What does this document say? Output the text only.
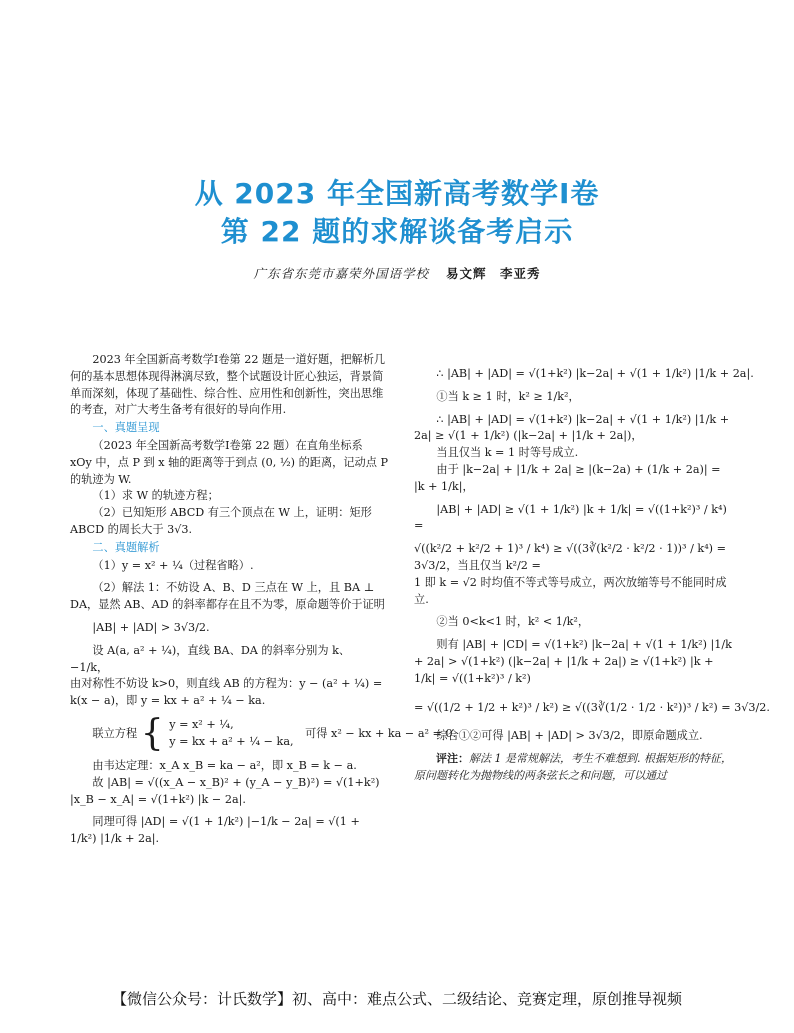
从 2023 年全国新高考数学Ⅰ卷
第 22 题的求解谈备考启示
广东省东莞市嘉荣外国语学校 易文辉　李亚秀

2023 年全国新高考数学Ⅰ卷第 22 题是一道好题，把解析几何的基本思想体现得淋漓尽致，整个试题设计匠心独运，背景简单而深刻，体现了基础性、综合性、应用性和创新性，突出思维的考查，对广大考生备考有很好的导向作用.

一、真题呈现

（2023 年全国新高考数学Ⅰ卷第 22 题）在直角坐标系 xOy 中，点 P 到 x 轴的距离等于到点 (0, ½) 的距离，记动点 P 的轨迹为 W.

（1）求 W 的轨迹方程；

（2）已知矩形 ABCD 有三个顶点在 W 上，证明：矩形 ABCD 的周长大于 3√3.

二、真题解析

（1）y = x² + ¼（过程省略）.

（2）解法 1：不妨设 A、B、D 三点在 W 上，且 BA ⊥ DA，显然 AB、AD 的斜率都存在且不为零，原命题等价于证明

|AB| + |AD| > 3√3/2.

设 A(a, a² + ¼)，直线 BA、DA 的斜率分别为 k、−1/k，

由对称性不妨设 k>0，则直线 AB 的方程为：y − (a² + ¼) = k(x − a)，即 y = kx + a² + ¼ − ka.

联立方程 { y = x² + ¼,
y = kx + a² + ¼ − ka,
可得 x² − kx + ka − a² = 0.

由韦达定理：x_A x_B = ka − a²，即 x_B = k − a.

故 |AB| = √((x_A − x_B)² + (y_A − y_B)²) = √(1+k²) |x_B − x_A| = √(1+k²) |k − 2a|.

同理可得 |AD| = √(1 + 1/k²) |−1/k − 2a| = √(1 + 1/k²) |1/k + 2a|.

∴ |AB| + |AD| = √(1+k²) |k−2a| + √(1 + 1/k²) |1/k + 2a|.

①当 k ≥ 1 时，k² ≥ 1/k²，

∴ |AB| + |AD| = √(1+k²) |k−2a| + √(1 + 1/k²) |1/k + 2a| ≥ √(1 + 1/k²) (|k−2a| + |1/k + 2a|)，

当且仅当 k = 1 时等号成立.

由于 |k−2a| + |1/k + 2a| ≥ |(k−2a) + (1/k + 2a)| = |k + 1/k|，

|AB| + |AD| ≥ √(1 + 1/k²) |k + 1/k| = √((1+k²)³ / k⁴) =

√((k²/2 + k²/2 + 1)³ / k⁴) ≥ √((3∛(k²/2 · k²/2 · 1))³ / k⁴) = 3√3/2，当且仅当 k²/2 =

1 即 k = √2 时均值不等式等号成立，两次放缩等号不能同时成立.

②当 0<k<1 时，k² < 1/k²，

则有 |AB| + |CD| = √(1+k²) |k−2a| + √(1 + 1/k²) |1/k + 2a| > √(1+k²) (|k−2a| + |1/k + 2a|) ≥ √(1+k²) |k + 1/k| = √((1+k²)³ / k²)

= √((1/2 + 1/2 + k²)³ / k²) ≥ √((3∛(1/2 · 1/2 · k²))³ / k²) = 3√3/2.

综合①②可得 |AB| + |AD| > 3√3/2，即原命题成立.

评注：解法 1 是常规解法，考生不难想到. 根据矩形的特征，原问题转化为抛物线的两条弦长之和问题，可以通过

【微信公众号：计氏数学】初、高中：难点公式、二级结论、竞赛定理，原创推导视频
